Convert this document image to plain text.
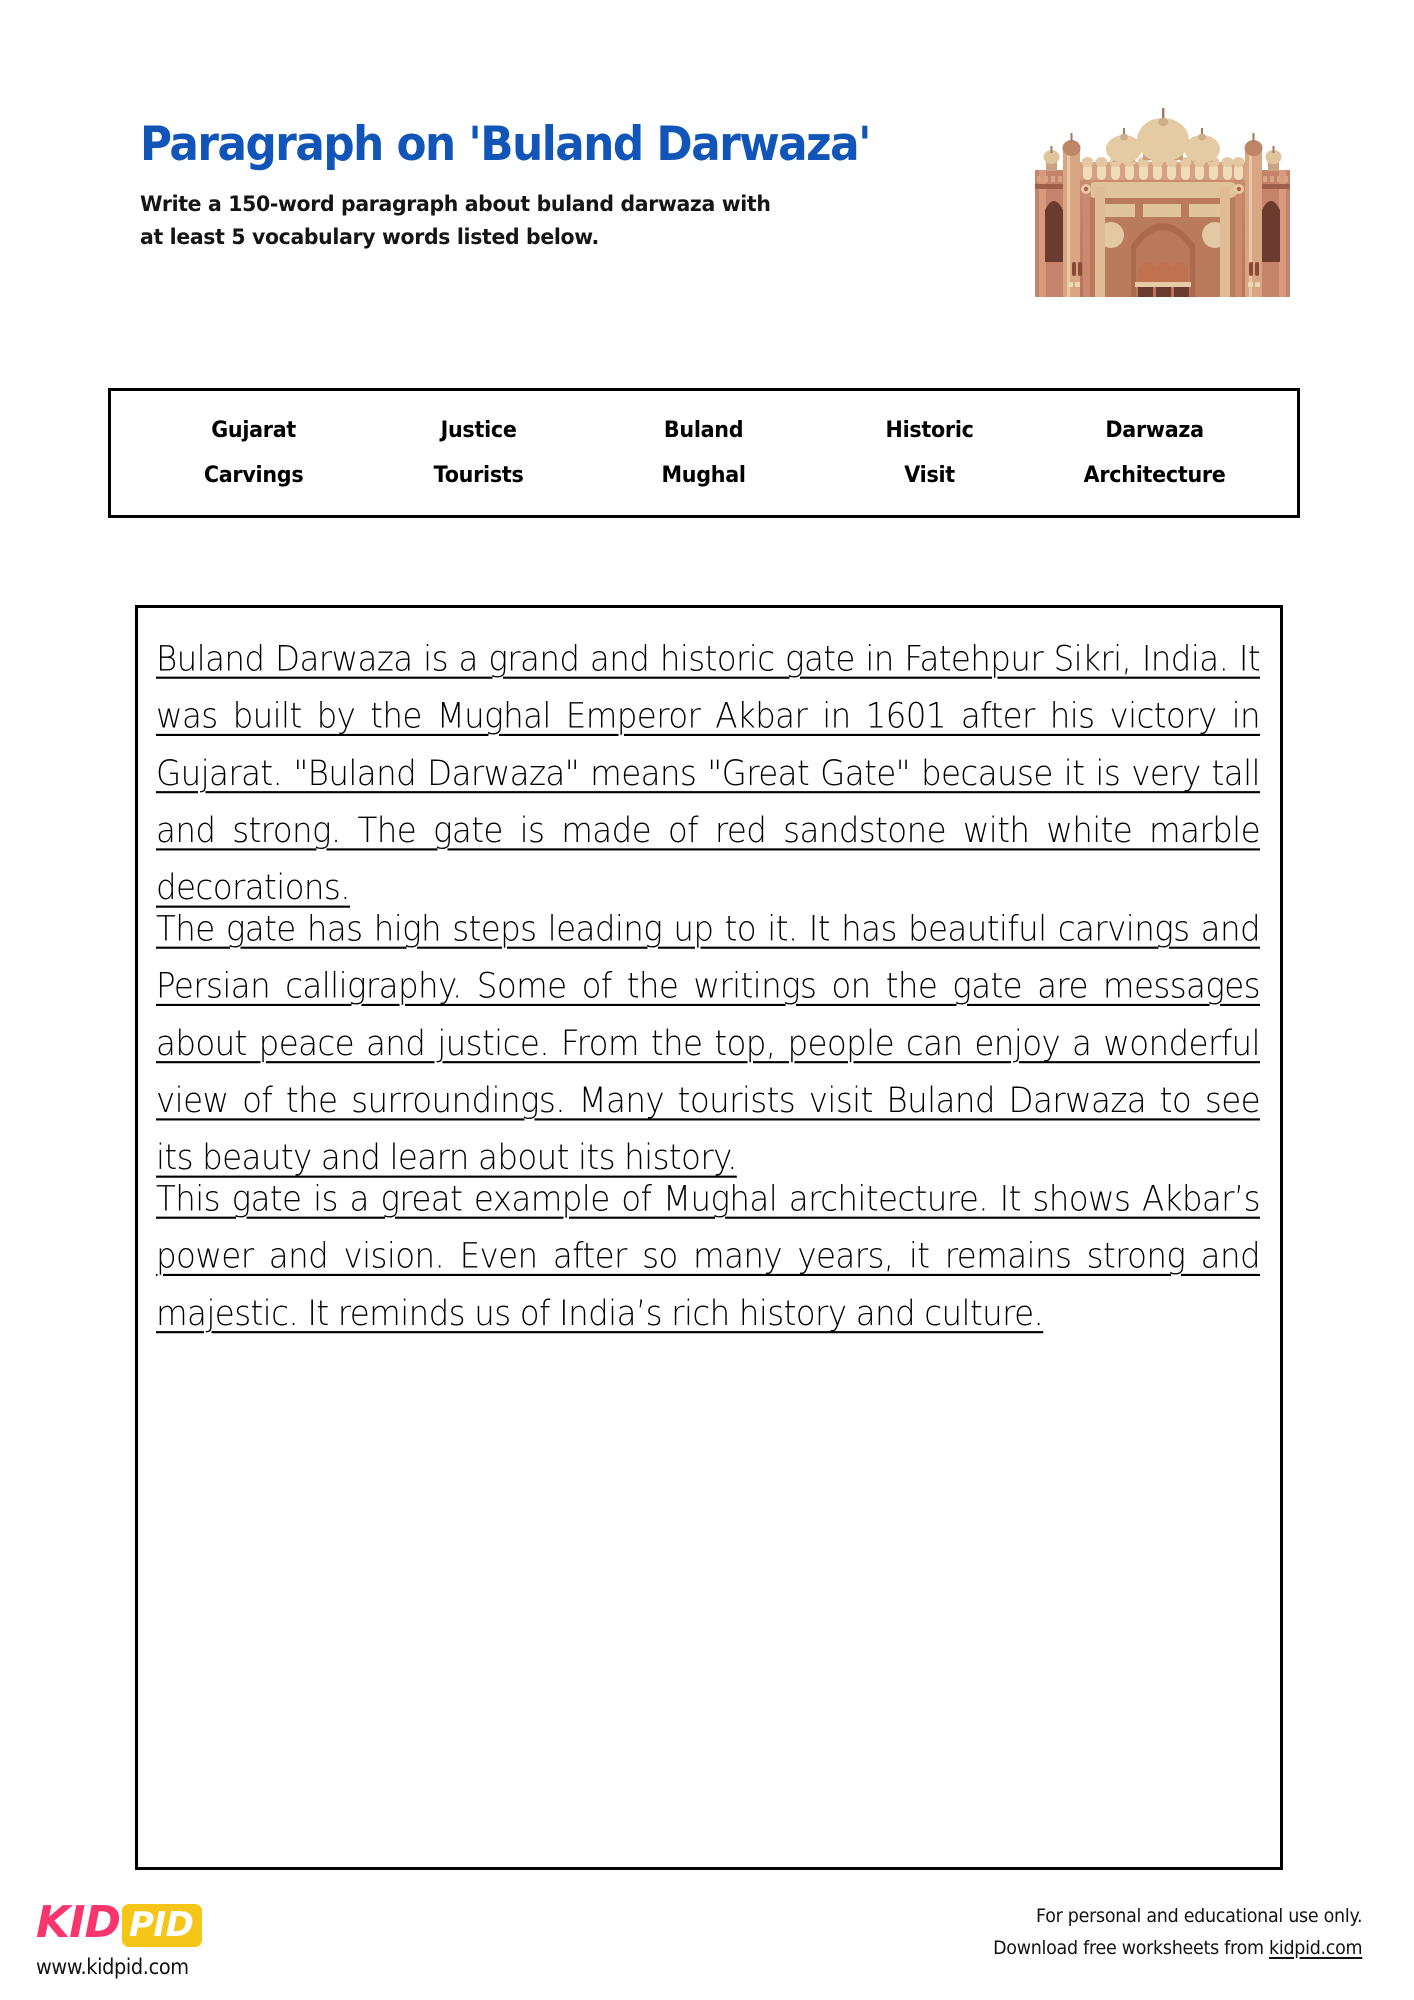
Paragraph on 'Buland Darwaza'
Write a 150-word paragraph about buland darwaza with
at least 5 vocabulary words listed below.
Gujarat	Justice	Buland	Historic	Darwaza
Carvings	Tourists	Mughal	Visit	Architecture
Buland Darwaza is a grand and historic gate in Fatehpur Sikri, India. It was built by the Mughal Emperor Akbar in 1601 after his victory in Gujarat. "Buland Darwaza" means "Great Gate" because it is very tall and strong. The gate is made of red sandstone with white marble decorations.
The gate has high steps leading up to it. It has beautiful carvings and Persian calligraphy. Some of the writings on the gate are messages about peace and justice. From the top, people can enjoy a wonderful view of the surroundings. Many tourists visit Buland Darwaza to see its beauty and learn about its history.
This gate is a great example of Mughal architecture. It shows Akbar’s power and vision. Even after so many years, it remains strong and majestic. It reminds us of India’s rich history and culture.
KID PID
www.kidpid.com
For personal and educational use only.
Download free worksheets from kidpid.com
